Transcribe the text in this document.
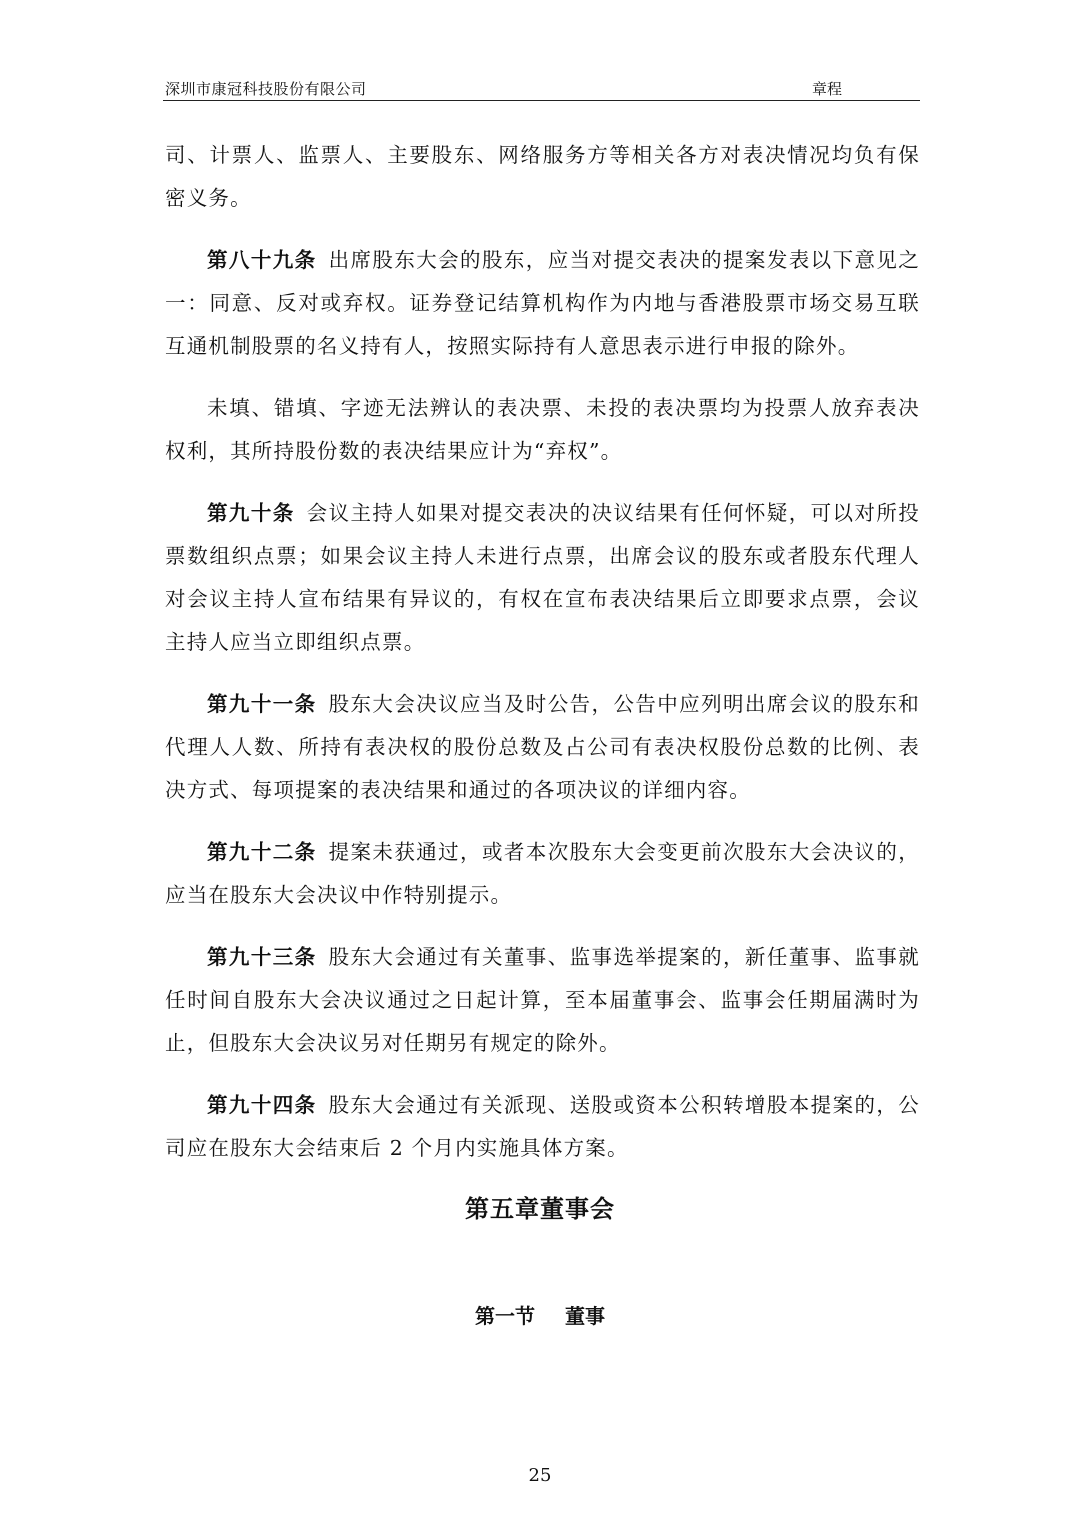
深圳市康冠科技股份有限公司	章程

司、计票人、监票人、主要股东、网络服务方等相关各方对表决情况均负有保密义务。

第八十九条 出席股东大会的股东，应当对提交表决的提案发表以下意见之一：同意、反对或弃权。证券登记结算机构作为内地与香港股票市场交易互联互通机制股票的名义持有人，按照实际持有人意思表示进行申报的除外。

未填、错填、字迹无法辨认的表决票、未投的表决票均为投票人放弃表决权利，其所持股份数的表决结果应计为“弃权”。

第九十条 会议主持人如果对提交表决的决议结果有任何怀疑，可以对所投票数组织点票；如果会议主持人未进行点票，出席会议的股东或者股东代理人对会议主持人宣布结果有异议的，有权在宣布表决结果后立即要求点票，会议主持人应当立即组织点票。

第九十一条 股东大会决议应当及时公告，公告中应列明出席会议的股东和代理人人数、所持有表决权的股份总数及占公司有表决权股份总数的比例、表决方式、每项提案的表决结果和通过的各项决议的详细内容。

第九十二条 提案未获通过，或者本次股东大会变更前次股东大会决议的，应当在股东大会决议中作特别提示。

第九十三条 股东大会通过有关董事、监事选举提案的，新任董事、监事就任时间自股东大会决议通过之日起计算，至本届董事会、监事会任期届满时为止，但股东大会决议另对任期另有规定的除外。

第九十四条 股东大会通过有关派现、送股或资本公积转增股本提案的，公司应在股东大会结束后 2 个月内实施具体方案。

第五章董事会
第一节 董事
25
